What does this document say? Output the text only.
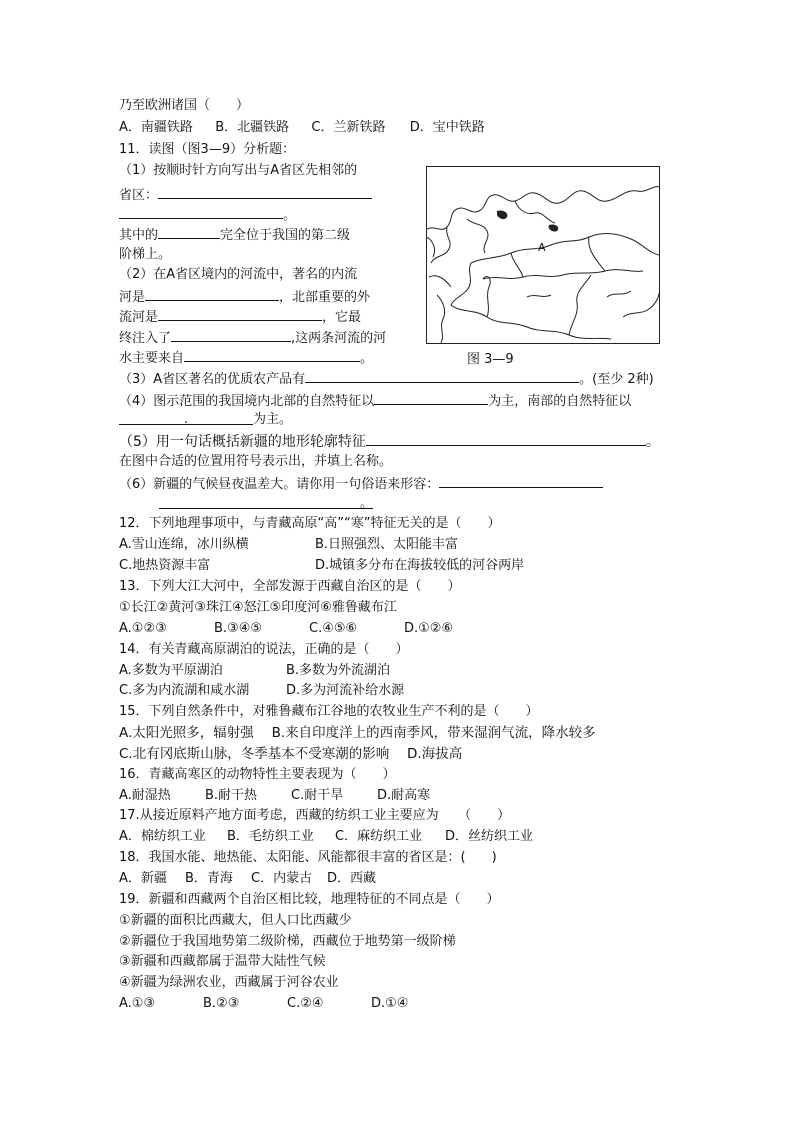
乃至欧洲诸国（　　）
A．南疆铁路 B．北疆铁路 C．兰新铁路 D．宝中铁路
11．读图（图3—9）分析题：
（1）按顺时针方向写出与A省区先相邻的
省区：
。
其中的	完全位于我国的第二级
阶梯上。
（2）在A省区境内的河流中，著名的内流
河是	，北部重要的外
流河是	，它最
终注入了	,这两条河流的河
水主要来自	。
A
图 3—9
（3）A省区著名的优质农产品有	。(至少 2种)
（4）图示范围的我国境内北部的自然特征以	为主，南部的自然特征以
.	为主。
（5）用一句话概括新疆的地形轮廓特征	。
在图中合适的位置用符号表示出，并填上名称。
（6）新疆的气候昼夜温差大。请你用一句俗语来形容：
。
12．下列地理事项中，与青藏高原“高”“寒”特征无关的是（　　）
A.雪山连绵，冰川纵横	B.日照强烈、太阳能丰富
C.地热资源丰富	D.城镇多分布在海拔较低的河谷两岸
13．下列大江大河中，全部发源于西藏自治区的是（　　）
①长江②黄河③珠江④怒江⑤印度河⑥雅鲁藏布江
A.①②③	B.③④⑤	C.④⑤⑥	D.①②⑥
14．有关青藏高原湖泊的说法，正确的是（　　）
A.多数为平原湖泊	B.多数为外流湖泊
C.多为内流湖和咸水湖	D.多为河流补给水源
15．下列自然条件中，对雅鲁藏布江谷地的农牧业生产不利的是（　　）
A.太阳光照多，辐射强　 B.来自印度洋上的西南季风，带来湿润气流，降水较多
C.北有冈底斯山脉，冬季基本不受寒潮的影响　 D.海拔高
16．青藏高寒区的动物特性主要表现为（　　）
A.耐湿热	B.耐干热	C.耐干旱	D.耐高寒
17.从接近原料产地方面考虑，西藏的纺织工业主要应为　　（　　）
A．棉纺织工业 B．毛纺织工业 C．麻纺织工业 D．丝纺织工业
18．我国水能、地热能、太阳能、风能都很丰富的省区是：(　　)
A．新疆 B．青海 C．内蒙古 D．西藏
19．新疆和西藏两个自治区相比较，地理特征的不同点是（　　）
①新疆的面积比西藏大，但人口比西藏少
②新疆位于我国地势第二级阶梯，西藏位于地势第一级阶梯
③新疆和西藏都属于温带大陆性气候
④新疆为绿洲农业，西藏属于河谷农业
A.①③	B.②③	C.②④	D.①④
